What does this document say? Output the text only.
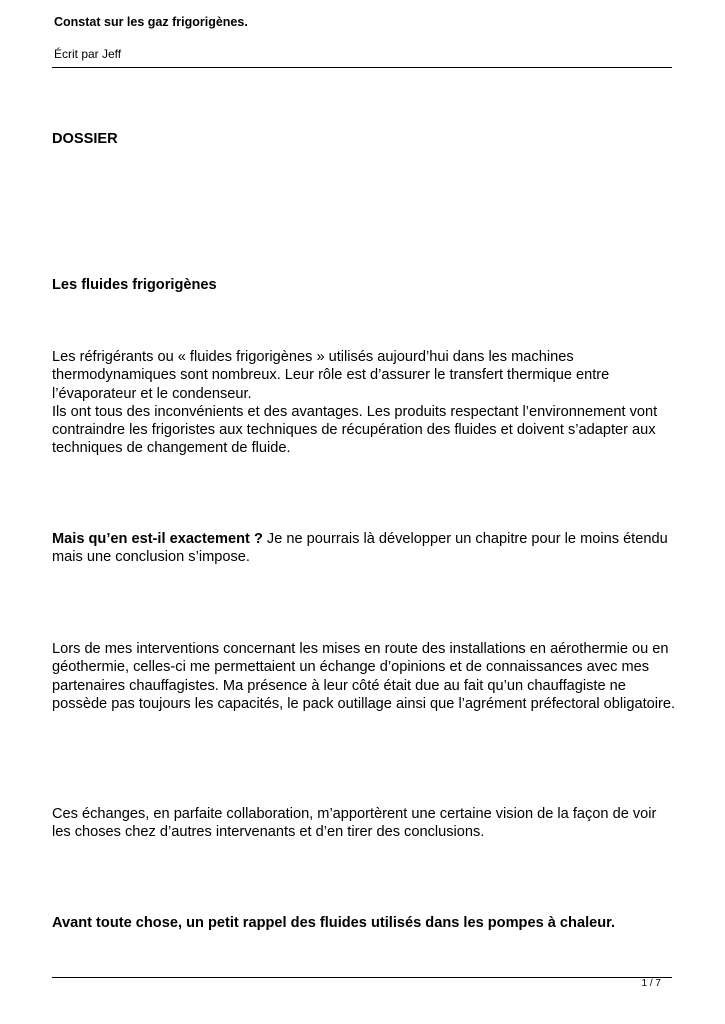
Constat sur les gaz frigorigènes.
Écrit par Jeff
DOSSIER
Les fluides frigorigènes

Les réfrigérants ou « fluides frigorigènes » utilisés aujourd’hui dans les machines thermodynamiques sont nombreux. Leur rôle est d’assurer le transfert thermique entre l’évaporateur et le condenseur.

Ils ont tous des inconvénients et des avantages. Les produits respectant l’environnement vont contraindre les frigoristes aux techniques de récupération des fluides et doivent s’adapter aux techniques de changement de fluide.

Mais qu’en est-il exactement ? Je ne pourrais là développer un chapitre pour le moins étendu mais une conclusion s’impose.

Lors de mes interventions concernant les mises en route des installations en aérothermie ou en géothermie, celles-ci me permettaient un échange d’opinions et de connaissances avec mes partenaires chauffagistes. Ma présence à leur côté était due au fait qu’un chauffagiste ne possède pas toujours les capacités, le pack outillage ainsi que l’agrément préfectoral obligatoire.

Ces échanges, en parfaite collaboration, m’apportèrent une certaine vision de la façon de voir les choses chez d’autres intervenants et d’en tirer des conclusions.

Avant toute chose, un petit rappel des fluides utilisés dans les pompes à chaleur.
1 / 7
